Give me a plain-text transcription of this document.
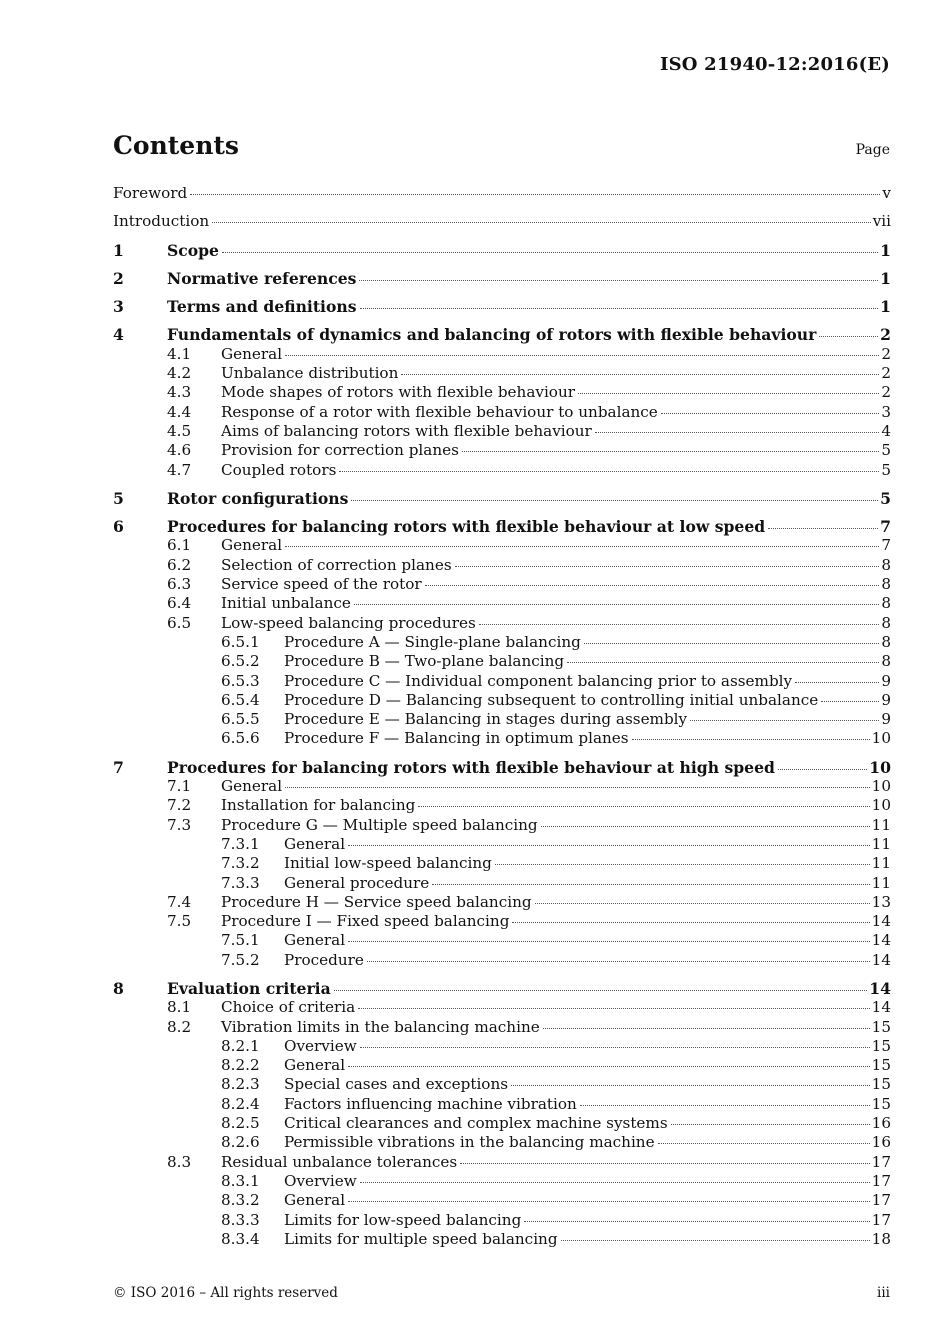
ISO 21940-12:2016(E)
Contents	Page
Foreword	v
Introduction	vii
1	Scope	1
2	Normative references	1
3	Terms and definitions	1
4	Fundamentals of dynamics and balancing of rotors with flexible behaviour	2
4.1	General	2
4.2	Unbalance distribution	2
4.3	Mode shapes of rotors with flexible behaviour	2
4.4	Response of a rotor with flexible behaviour to unbalance	3
4.5	Aims of balancing rotors with flexible behaviour	4
4.6	Provision for correction planes	5
4.7	Coupled rotors	5
5	Rotor configurations	5
6	Procedures for balancing rotors with flexible behaviour at low speed	7
6.1	General	7
6.2	Selection of correction planes	8
6.3	Service speed of the rotor	8
6.4	Initial unbalance	8
6.5	Low-speed balancing procedures	8
6.5.1	Procedure A — Single-plane balancing	8
6.5.2	Procedure B — Two-plane balancing	8
6.5.3	Procedure C — Individual component balancing prior to assembly	9
6.5.4	Procedure D — Balancing subsequent to controlling initial unbalance	9
6.5.5	Procedure E — Balancing in stages during assembly	9
6.5.6	Procedure F — Balancing in optimum planes	10
7	Procedures for balancing rotors with flexible behaviour at high speed	10
7.1	General	10
7.2	Installation for balancing	10
7.3	Procedure G — Multiple speed balancing	11
7.3.1	General	11
7.3.2	Initial low-speed balancing	11
7.3.3	General procedure	11
7.4	Procedure H — Service speed balancing	13
7.5	Procedure I — Fixed speed balancing	14
7.5.1	General	14
7.5.2	Procedure	14
8	Evaluation criteria	14
8.1	Choice of criteria	14
8.2	Vibration limits in the balancing machine	15
8.2.1	Overview	15
8.2.2	General	15
8.2.3	Special cases and exceptions	15
8.2.4	Factors influencing machine vibration	15
8.2.5	Critical clearances and complex machine systems	16
8.2.6	Permissible vibrations in the balancing machine	16
8.3	Residual unbalance tolerances	17
8.3.1	Overview	17
8.3.2	General	17
8.3.3	Limits for low-speed balancing	17
8.3.4	Limits for multiple speed balancing	18
© ISO 2016 – All rights reserved	iii
